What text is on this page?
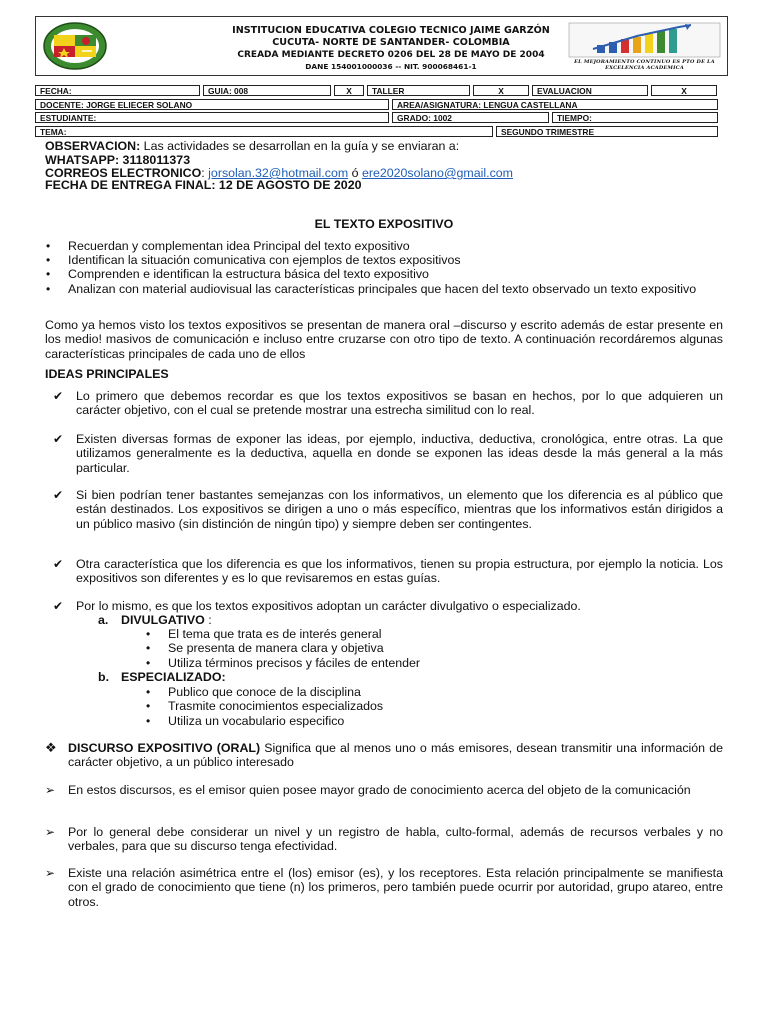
INSTITUCION EDUCATIVA COLEGIO TECNICO JAIME GARZÓN
CUCUTA- NORTE DE SANTANDER- COLOMBIA
CREADA MEDIANTE DECRETO 0206 DEL 28 DE MAYO DE 2004
DANE 154001000036 -- NIT. 900068461-1	EL MEJORAMIENTO CONTINUO ES PTO DE LA EXCELENCIA ACADEMICA
FECHA:	GUIA: 008	X	TALLER	X	EVALUACION	X
DOCENTE: JORGE ELIECER SOLANO	AREA/ASIGNATURA: LENGUA CASTELLANA
ESTUDIANTE:	GRADO: 1002	TIEMPO:
TEMA:	SEGUNDO TRIMESTRE
OBSERVACION: Las actividades se desarrollan en la guía y se enviaran a:
WHATSAPP: 3118011373
CORREOS ELECTRONICO: jorsolan.32@hotmail.com ó ere2020solano@gmail.com
FECHA DE ENTREGA FINAL: 12 DE AGOSTO DE 2020
EL TEXTO EXPOSITIVO
• Recuerdan y complementan idea Principal del texto expositivo
• Identifican la situación comunicativa con ejemplos de textos expositivos
• Comprenden e identifican la estructura básica del texto expositivo
• Analizan con material audiovisual las características principales que hacen del texto observado un texto expositivo
Como ya hemos visto los textos expositivos se presentan de manera oral –discurso y escrito además de estar presente en los medio! masivos de comunicación e incluso entre cruzarse con otro tipo de texto. A continuación recordáremos algunas características principales de cada uno de ellos
IDEAS PRINCIPALES
✔ Lo primero que debemos recordar es que los textos expositivos se basan en hechos, por lo que adquieren un carácter objetivo, con el cual se pretende mostrar una estrecha similitud con lo real.
✔ Existen diversas formas de exponer las ideas, por ejemplo, inductiva, deductiva, cronológica, entre otras. La que utilizamos generalmente es la deductiva, aquella en donde se exponen las ideas desde la más general a la más particular.
✔ Si bien podrían tener bastantes semejanzas con los informativos, un elemento que los diferencia es al público que están destinados. Los expositivos se dirigen a uno o más específico, mientras que los informativos están dirigidos a un público masivo (sin distinción de ningún tipo) y siempre deben ser contingentes.
✔ Otra característica que los diferencia es que los informativos, tienen su propia estructura, por ejemplo la noticia. Los expositivos son diferentes y es lo que revisaremos en estas guías.
✔ Por lo mismo, es que los textos expositivos adoptan un carácter divulgativo o especializado.
a. DIVULGATIVO :
• El tema que trata es de interés general
• Se presenta de manera clara y objetiva
• Utiliza términos precisos y fáciles de entender
b. ESPECIALIZADO:
• Publico que conoce de la disciplina
• Trasmite conocimientos especializados
• Utiliza un vocabulario especifico
❖ DISCURSO EXPOSITIVO (ORAL) Significa que al menos uno o más emisores, desean transmitir una información de carácter objetivo, a un público interesado
➢ En estos discursos, es el emisor quien posee mayor grado de conocimiento acerca del objeto de la comunicación
➢ Por lo general debe considerar un nivel y un registro de habla, culto-formal, además de recursos verbales y no verbales, para que su discurso tenga efectividad.
➢ Existe una relación asimétrica entre el (los) emisor (es), y los receptores. Esta relación principalmente se manifiesta con el grado de conocimiento que tiene (n) los primeros, pero también puede ocurrir por autoridad, grupo atareo, entre otros.
